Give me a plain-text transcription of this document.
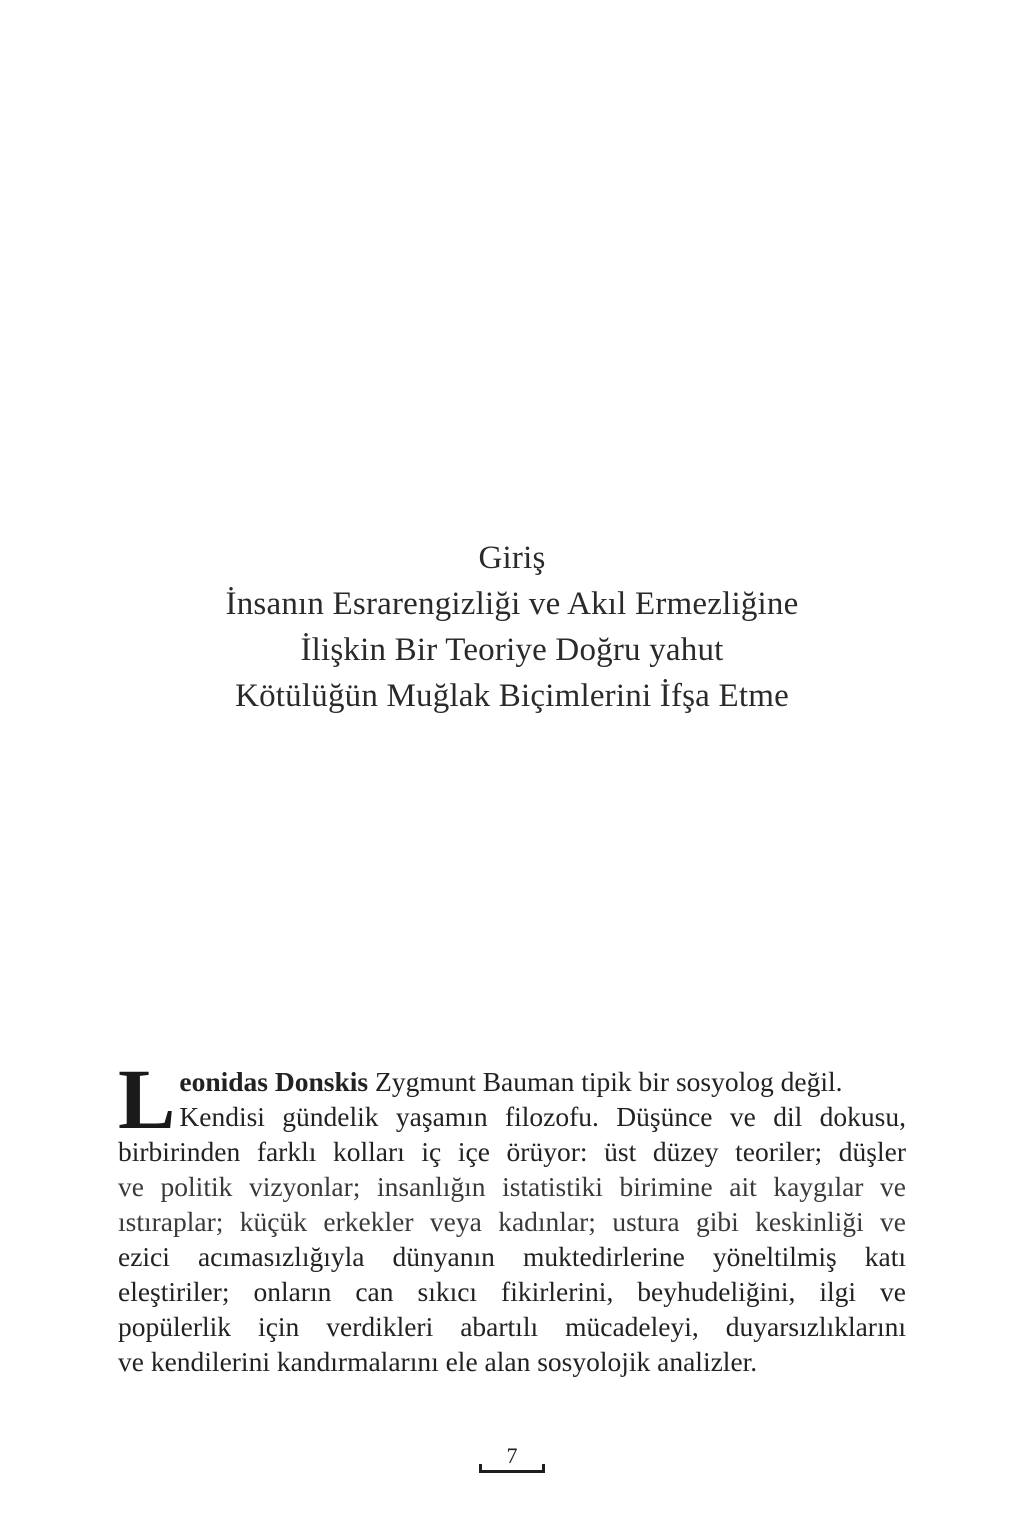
Giriş
İnsanın Esrarengizliği ve Akıl Ermezliğine
İlişkin Bir Teoriye Doğru yahut
Kötülüğün Muğlak Biçimlerini İfşa Etme
L eonidas Donskis Zygmunt Bauman tipik bir sosyolog değil.
Kendisi gündelik yaşamın filozofu. Düşünce ve dil dokusu,
birbirinden farklı kolları iç içe örüyor: üst düzey teoriler; düşler
ve politik vizyonlar; insanlığın istatistiki birimine ait kaygılar ve
ıstıraplar; küçük erkekler veya kadınlar; ustura gibi keskinliği ve
ezici acımasızlığıyla dünyanın muktedirlerine yöneltilmiş katı
eleştiriler; onların can sıkıcı fikirlerini, beyhudeliğini, ilgi ve
popülerlik için verdikleri abartılı mücadeleyi, duyarsızlıklarını
ve kendilerini kandırmalarını ele alan sosyolojik analizler.
7
